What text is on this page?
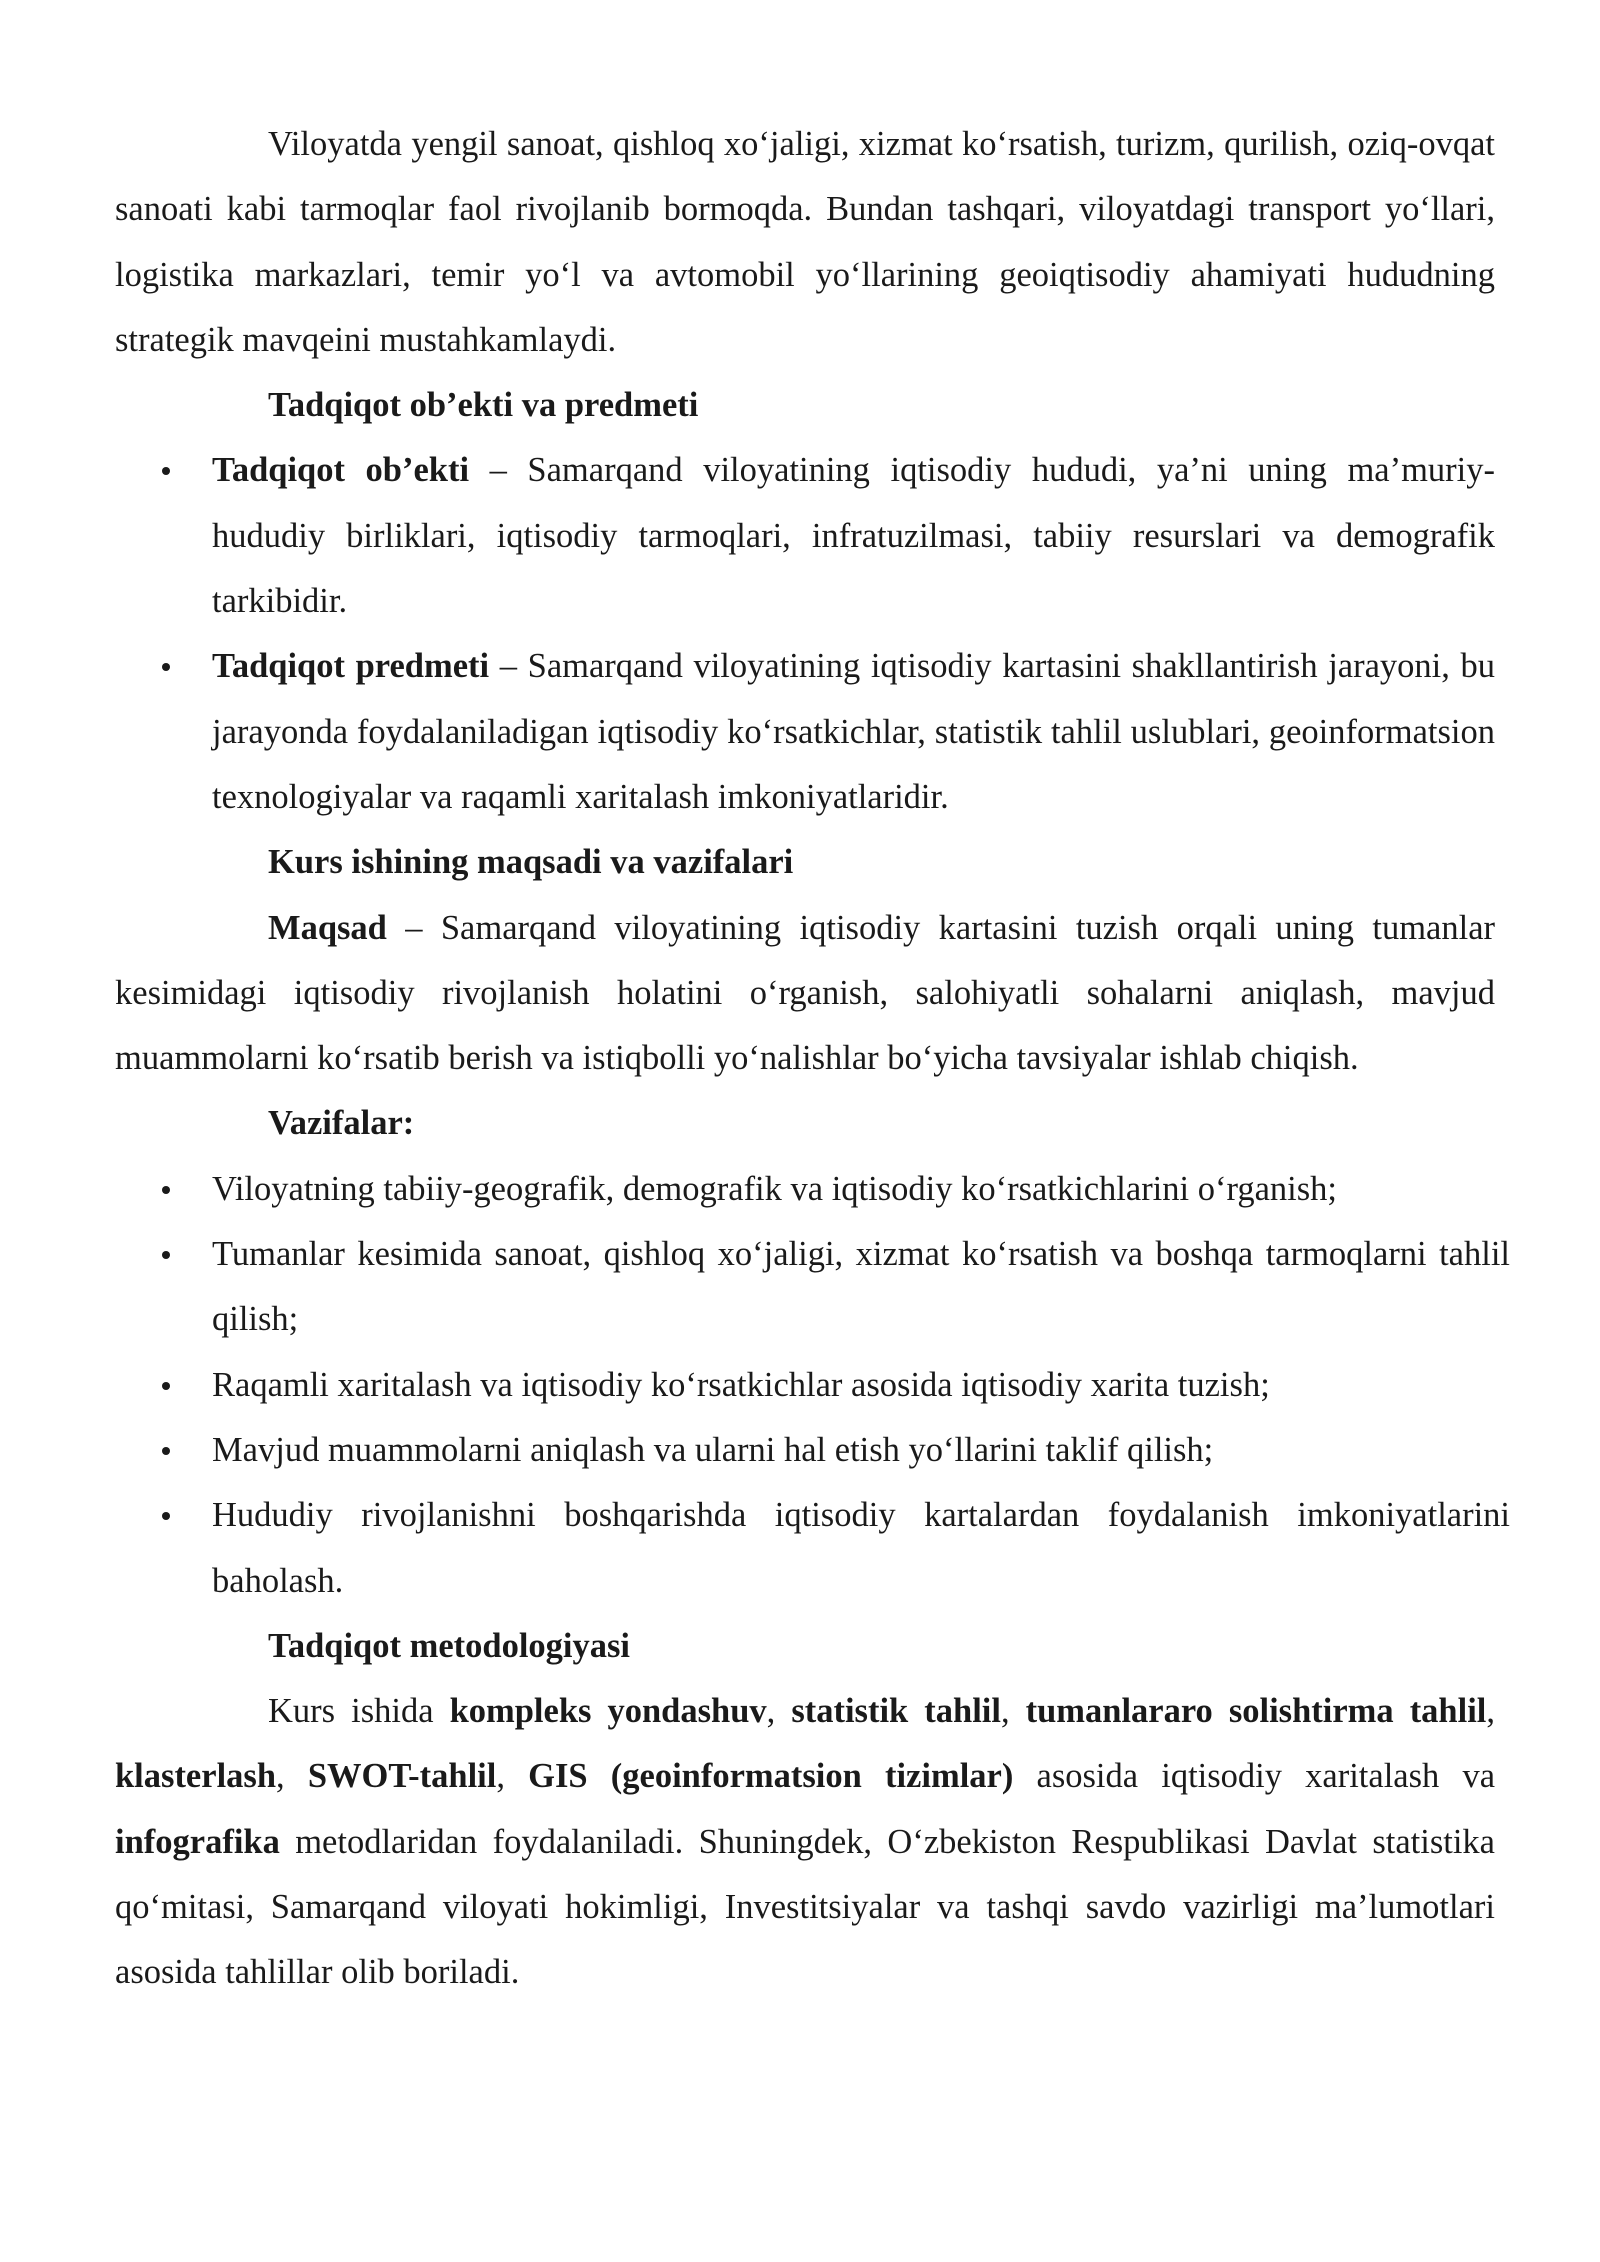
Viloyatda yengil sanoat, qishloq xo‘jaligi, xizmat ko‘rsatish, turizm, qurilish, oziq-ovqat sanoati kabi tarmoqlar faol rivojlanib bormoqda. Bundan tashqari, viloyatdagi transport yo‘llari, logistika markazlari, temir yo‘l va avtomobil yo‘llarining geoiqtisodiy ahamiyati hududning strategik mavqeini mustahkamlaydi.

Tadqiqot ob’ekti va predmeti
Tadqiqot ob’ekti – Samarqand viloyatining iqtisodiy hududi, ya’ni uning ma’muriy-hududiy birliklari, iqtisodiy tarmoqlari, infratuzilmasi, tabiiy resurslari va demografik tarkibidir.
Tadqiqot predmeti – Samarqand viloyatining iqtisodiy kartasini shakllantirish jarayoni, bu jarayonda foydalaniladigan iqtisodiy ko‘rsatkichlar, statistik tahlil uslublari, geoinformatsion texnologiyalar va raqamli xaritalash imkoniyatlaridir.
Kurs ishining maqsadi va vazifalari

Maqsad – Samarqand viloyatining iqtisodiy kartasini tuzish orqali uning tumanlar kesimidagi iqtisodiy rivojlanish holatini o‘rganish, salohiyatli sohalarni aniqlash, mavjud muammolarni ko‘rsatib berish va istiqbolli yo‘nalishlar bo‘yicha tavsiyalar ishlab chiqish.

Vazifalar:
Viloyatning tabiiy-geografik, demografik va iqtisodiy ko‘rsatkichlarini o‘rganish;
Tumanlar kesimida sanoat, qishloq xo‘jaligi, xizmat ko‘rsatish va boshqa tarmoqlarni tahlil qilish;
Raqamli xaritalash va iqtisodiy ko‘rsatkichlar asosida iqtisodiy xarita tuzish;
Mavjud muammolarni aniqlash va ularni hal etish yo‘llarini taklif qilish;
Hududiy rivojlanishni boshqarishda iqtisodiy kartalardan foydalanish imkoniyatlarini baholash.
Tadqiqot metodologiyasi

Kurs ishida kompleks yondashuv, statistik tahlil, tumanlararo solishtirma tahlil, klasterlash, SWOT-tahlil, GIS (geoinformatsion tizimlar) asosida iqtisodiy xaritalash va infografika metodlaridan foydalaniladi. Shuningdek, O‘zbekiston Respublikasi Davlat statistika qo‘mitasi, Samarqand viloyati hokimligi, Investitsiyalar va tashqi savdo vazirligi ma’lumotlari asosida tahlillar olib boriladi.
